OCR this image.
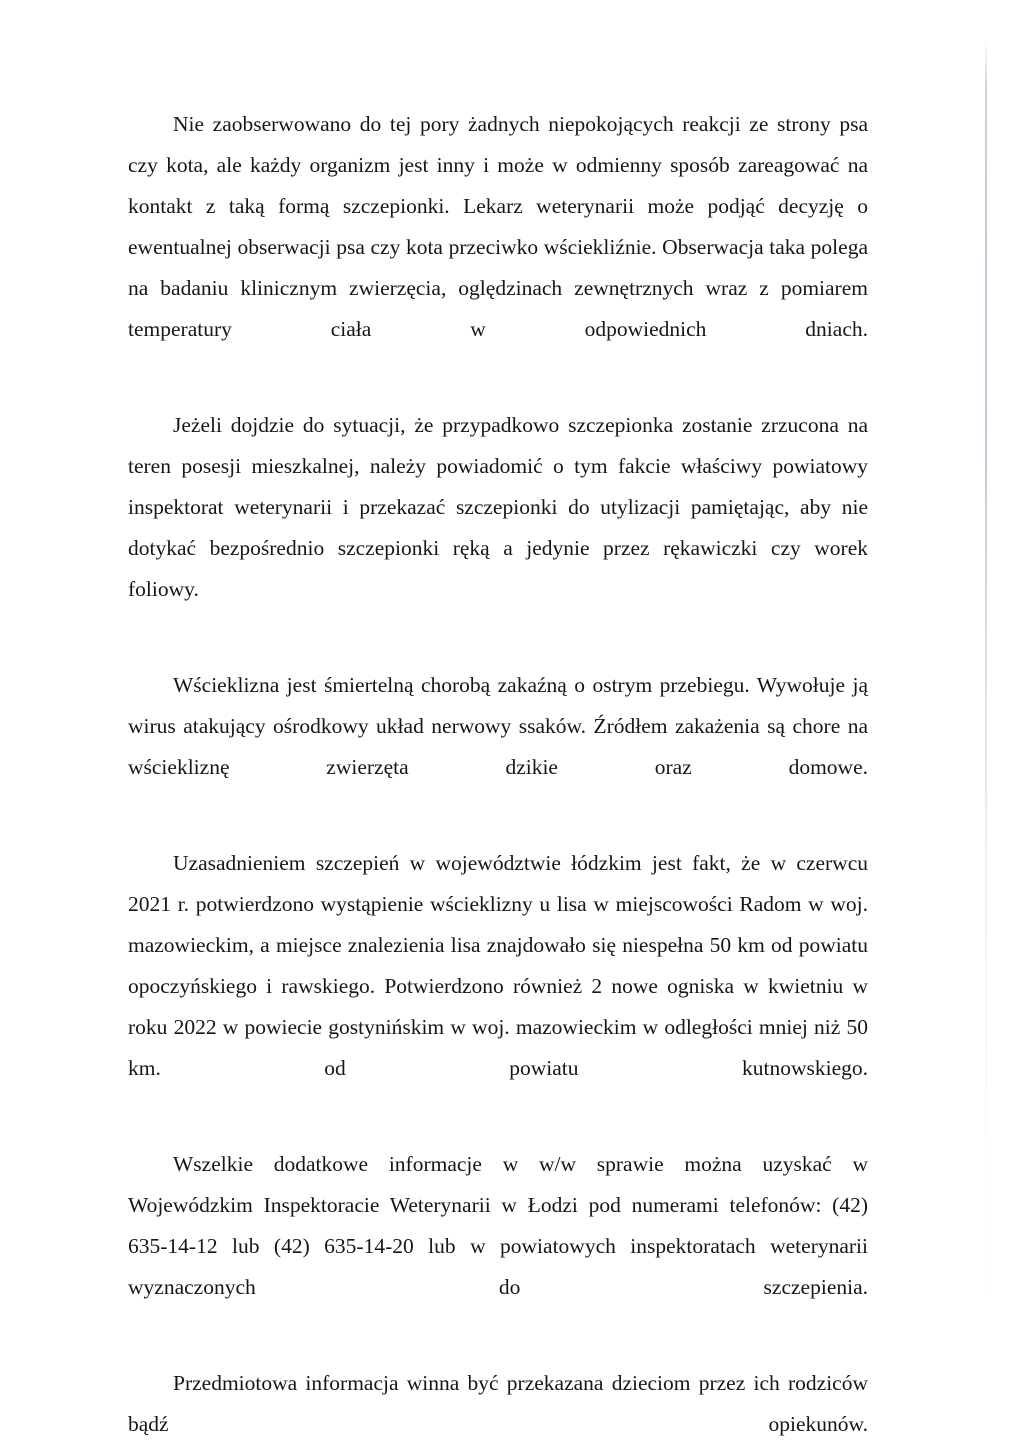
Nie zaobserwowano do tej pory żadnych niepokojących reakcji ze strony psa czy kota, ale każdy organizm jest inny i może w odmienny sposób zareagować na kontakt z taką formą szczepionki. Lekarz weterynarii może podjąć decyzję o ewentualnej obserwacji psa czy kota przeciwko wściekliźnie. Obserwacja taka polega na badaniu klinicznym zwierzęcia, oględzinach zewnętrznych wraz z pomiarem temperatury ciała w odpowiednich dniach.

Jeżeli dojdzie do sytuacji, że przypadkowo szczepionka zostanie zrzucona na teren posesji mieszkalnej, należy powiadomić o tym fakcie właściwy powiatowy inspektorat weterynarii i przekazać szczepionki do utylizacji pamiętając, aby nie dotykać bezpośrednio szczepionki ręką a jedynie przez rękawiczki czy worek foliowy.

Wścieklizna jest śmiertelną chorobą zakaźną o ostrym przebiegu. Wywołuje ją wirus atakujący ośrodkowy układ nerwowy ssaków. Źródłem zakażenia są chore na wściekliznę zwierzęta dzikie oraz domowe.

Uzasadnieniem szczepień w województwie łódzkim jest fakt, że w czerwcu 2021 r. potwierdzono wystąpienie wścieklizny u lisa w miejscowości Radom w woj. mazowieckim, a miejsce znalezienia lisa znajdowało się niespełna 50 km od powiatu opoczyńskiego i rawskiego. Potwierdzono również 2 nowe ogniska w kwietniu w roku 2022 w powiecie gostynińskim w woj. mazowieckim w odległości mniej niż 50 km. od powiatu kutnowskiego.

Wszelkie dodatkowe informacje w w/w sprawie można uzyskać w Wojewódzkim Inspektoracie Weterynarii w Łodzi pod numerami telefonów: (42) 635-14-12 lub (42) 635-14-20 lub w powiatowych inspektoratach weterynarii wyznaczonych do szczepienia.

Przedmiotowa informacja winna być przekazana dzieciom przez ich rodziców bądź opiekunów.
